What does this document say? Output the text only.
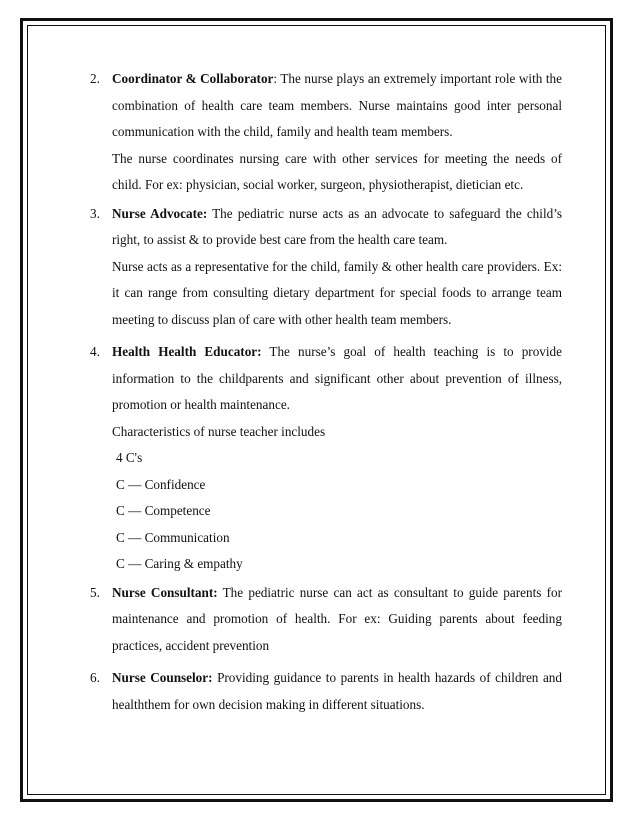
2. Coordinator & Collaborator: The nurse plays an extremely important role with the combination of health care team members. Nurse maintains good inter personal communication with the child, family and health team members.
The nurse coordinates nursing care with other services for meeting the needs of child. For ex: physician, social worker, surgeon, physiotherapist, dietician etc.
3. Nurse Advocate: The pediatric nurse acts as an advocate to safeguard the child’s right, to assist & to provide best care from the health care team.
Nurse acts as a representative for the child, family & other health care providers. Ex: it can range from consulting dietary department for special foods to arrange team meeting to discuss plan of care with other health team members.
4. Health Health Educator: The nurse’s goal of health teaching is to provide information to the childparents and significant other about prevention of illness, promotion or health maintenance.
Characteristics of nurse teacher includes
4 C's
C — Confidence
C — Competence
C — Communication
C — Caring & empathy
5. Nurse Consultant: The pediatric nurse can act as consultant to guide parents for maintenance and promotion of health. For ex: Guiding parents about feeding practices, accident prevention
6. Nurse Counselor: Providing guidance to parents in health hazards of children and healththem for own decision making in different situations.
